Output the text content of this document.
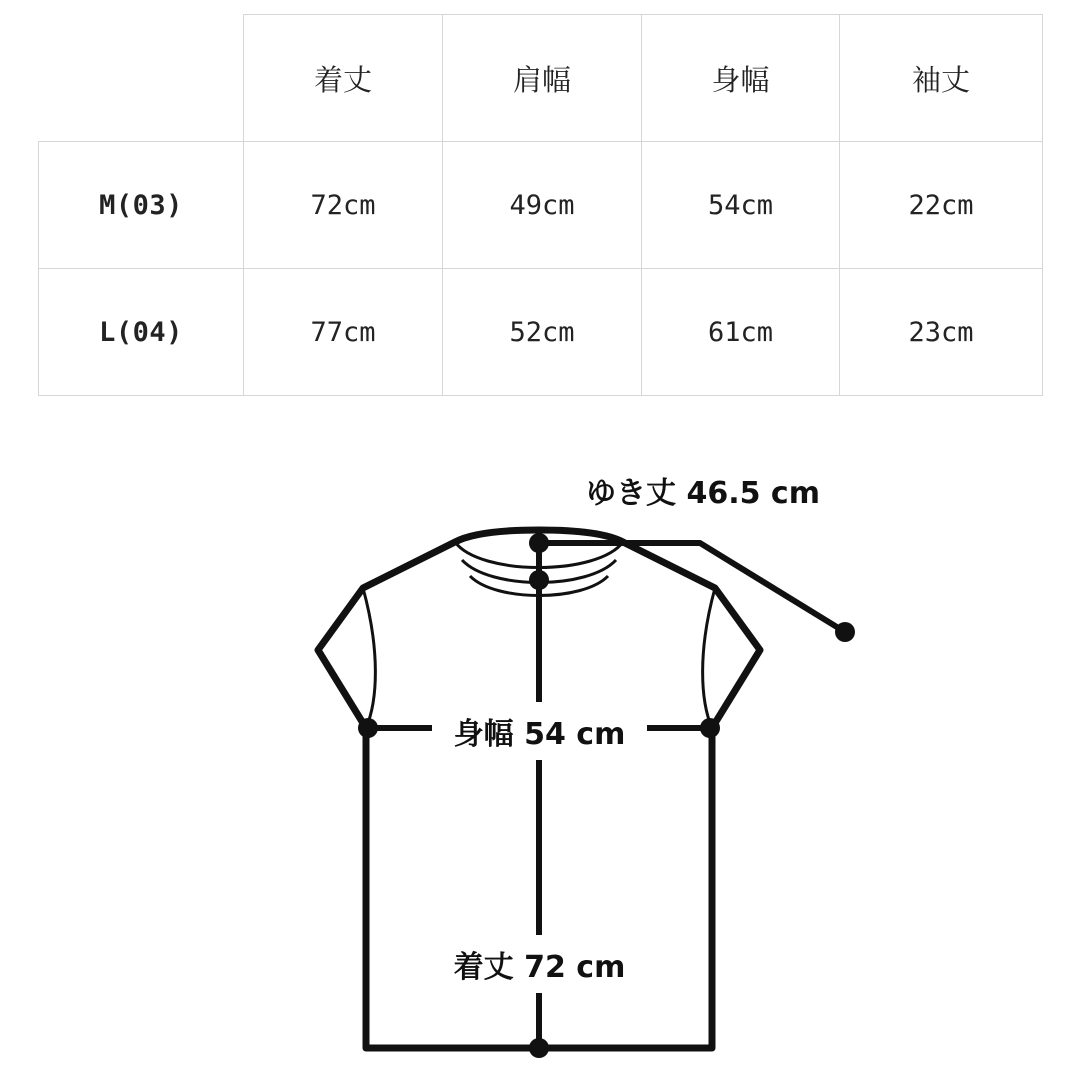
	着丈	肩幅	身幅	袖丈
M(03)	72cm	49cm	54cm	22cm
L(04)	77cm	52cm	61cm	23cm
ゆき丈 46.5 cm
身幅 54 cm
着丈 72 cm
